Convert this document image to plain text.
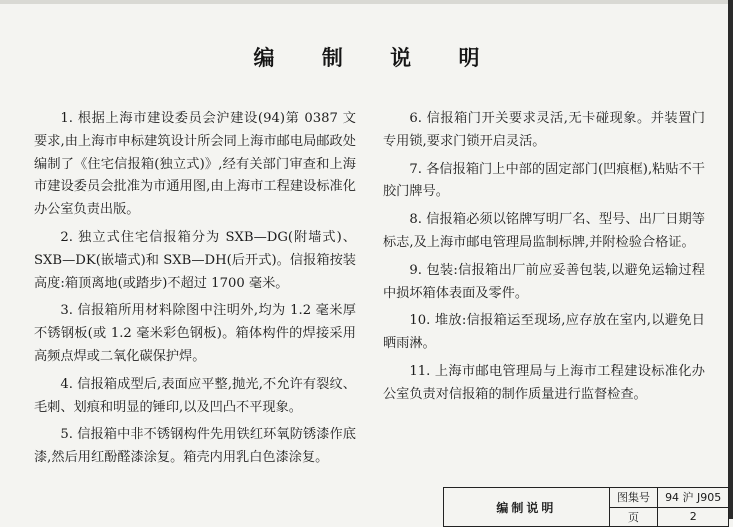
编 制 说 明

1. 根据上海市建设委员会沪建设(94)第 0387 文要求,由上海市申标建筑设计所会同上海市邮电局邮政处编制了《住宅信报箱(独立式)》,经有关部门审查和上海市建设委员会批准为市通用图,由上海市工程建设标准化办公室负责出版。

2. 独立式住宅信报箱分为 SXB—DG(附墙式)、SXB—DK(嵌墙式)和 SXB—DH(后开式)。信报箱按装高度:箱顶离地(或踏步)不超过 1700 毫米。

3. 信报箱所用材料除图中注明外,均为 1.2 毫米厚不锈钢板(或 1.2 毫米彩色钢板)。箱体构件的焊接采用高频点焊或二氧化碳保护焊。

4. 信报箱成型后,表面应平整,抛光,不允许有裂纹、毛刺、划痕和明显的锤印,以及凹凸不平现象。

5. 信报箱中非不锈钢构件先用铁红环氧防锈漆作底漆,然后用红酚醛漆涂复。箱壳内用乳白色漆涂复。

6. 信报箱门开关要求灵活,无卡碰现象。并装置门专用锁,要求门锁开启灵活。

7. 各信报箱门上中部的固定部门(凹痕框),粘贴不干胶门牌号。

8. 信报箱必须以铭牌写明厂名、型号、出厂日期等标志,及上海市邮电管理局监制标牌,并附检验合格证。

9. 包装:信报箱出厂前应妥善包装,以避免运输过程中损坏箱体表面及零件。

10. 堆放:信报箱运至现场,应存放在室内,以避免日晒雨淋。

11. 上海市邮电管理局与上海市工程建设标准化办公室负责对信报箱的制作质量进行监督检查。

编制说明	图集号	94 沪 J905
	页	2
